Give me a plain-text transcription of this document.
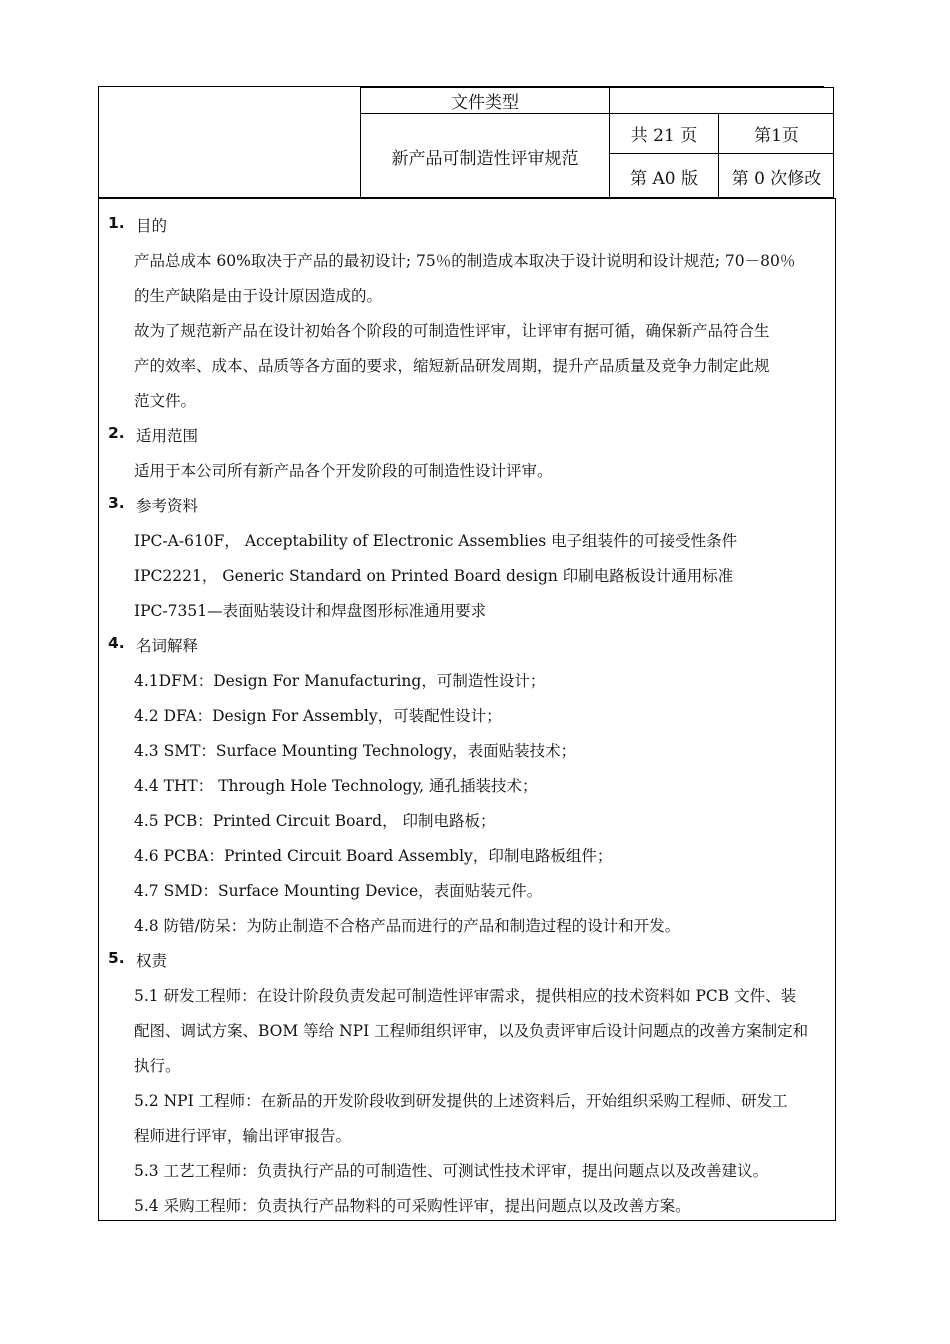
文件类型
新产品可制造性评审规范
共 21 页	第1页
第 A0 版	第 0 次修改
1. 目的
产品总成本 60%取决于产品的最初设计; 75％的制造成本取决于设计说明和设计规范; 70－80％
的生产缺陷是由于设计原因造成的。
故为了规范新产品在设计初始各个阶段的可制造性评审，让评审有据可循，确保新产品符合生
产的效率、成本、品质等各方面的要求，缩短新品研发周期，提升产品质量及竞争力制定此规
范文件。
2. 适用范围
适用于本公司所有新产品各个开发阶段的可制造性设计评审。
3. 参考资料
IPC-A-610F， Acceptability of Electronic Assemblies 电子组装件的可接受性条件
IPC2221， Generic Standard on Printed Board design 印刷电路板设计通用标准
IPC-7351—表面贴装设计和焊盘图形标准通用要求
4. 名词解释
4.1DFM：Design For Manufacturing，可制造性设计；
4.2 DFA：Design For Assembly，可装配性设计；
4.3 SMT：Surface Mounting Technology，表面贴装技术；
4.4 THT： Through Hole Technology, 通孔插装技术；
4.5 PCB：Printed Circuit Board， 印制电路板；
4.6 PCBA：Printed Circuit Board Assembly，印制电路板组件；
4.7 SMD：Surface Mounting Device，表面贴装元件。
4.8 防错/防呆：为防止制造不合格产品而进行的产品和制造过程的设计和开发。
5. 权责
5.1 研发工程师：在设计阶段负责发起可制造性评审需求，提供相应的技术资料如 PCB 文件、装
配图、调试方案、BOM 等给 NPI 工程师组织评审，以及负责评审后设计问题点的改善方案制定和
执行。
5.2 NPI 工程师：在新品的开发阶段收到研发提供的上述资料后，开始组织采购工程师、研发工
程师进行评审，输出评审报告。
5.3 工艺工程师：负责执行产品的可制造性、可测试性技术评审，提出问题点以及改善建议。
5.4 采购工程师：负责执行产品物料的可采购性评审，提出问题点以及改善方案。
